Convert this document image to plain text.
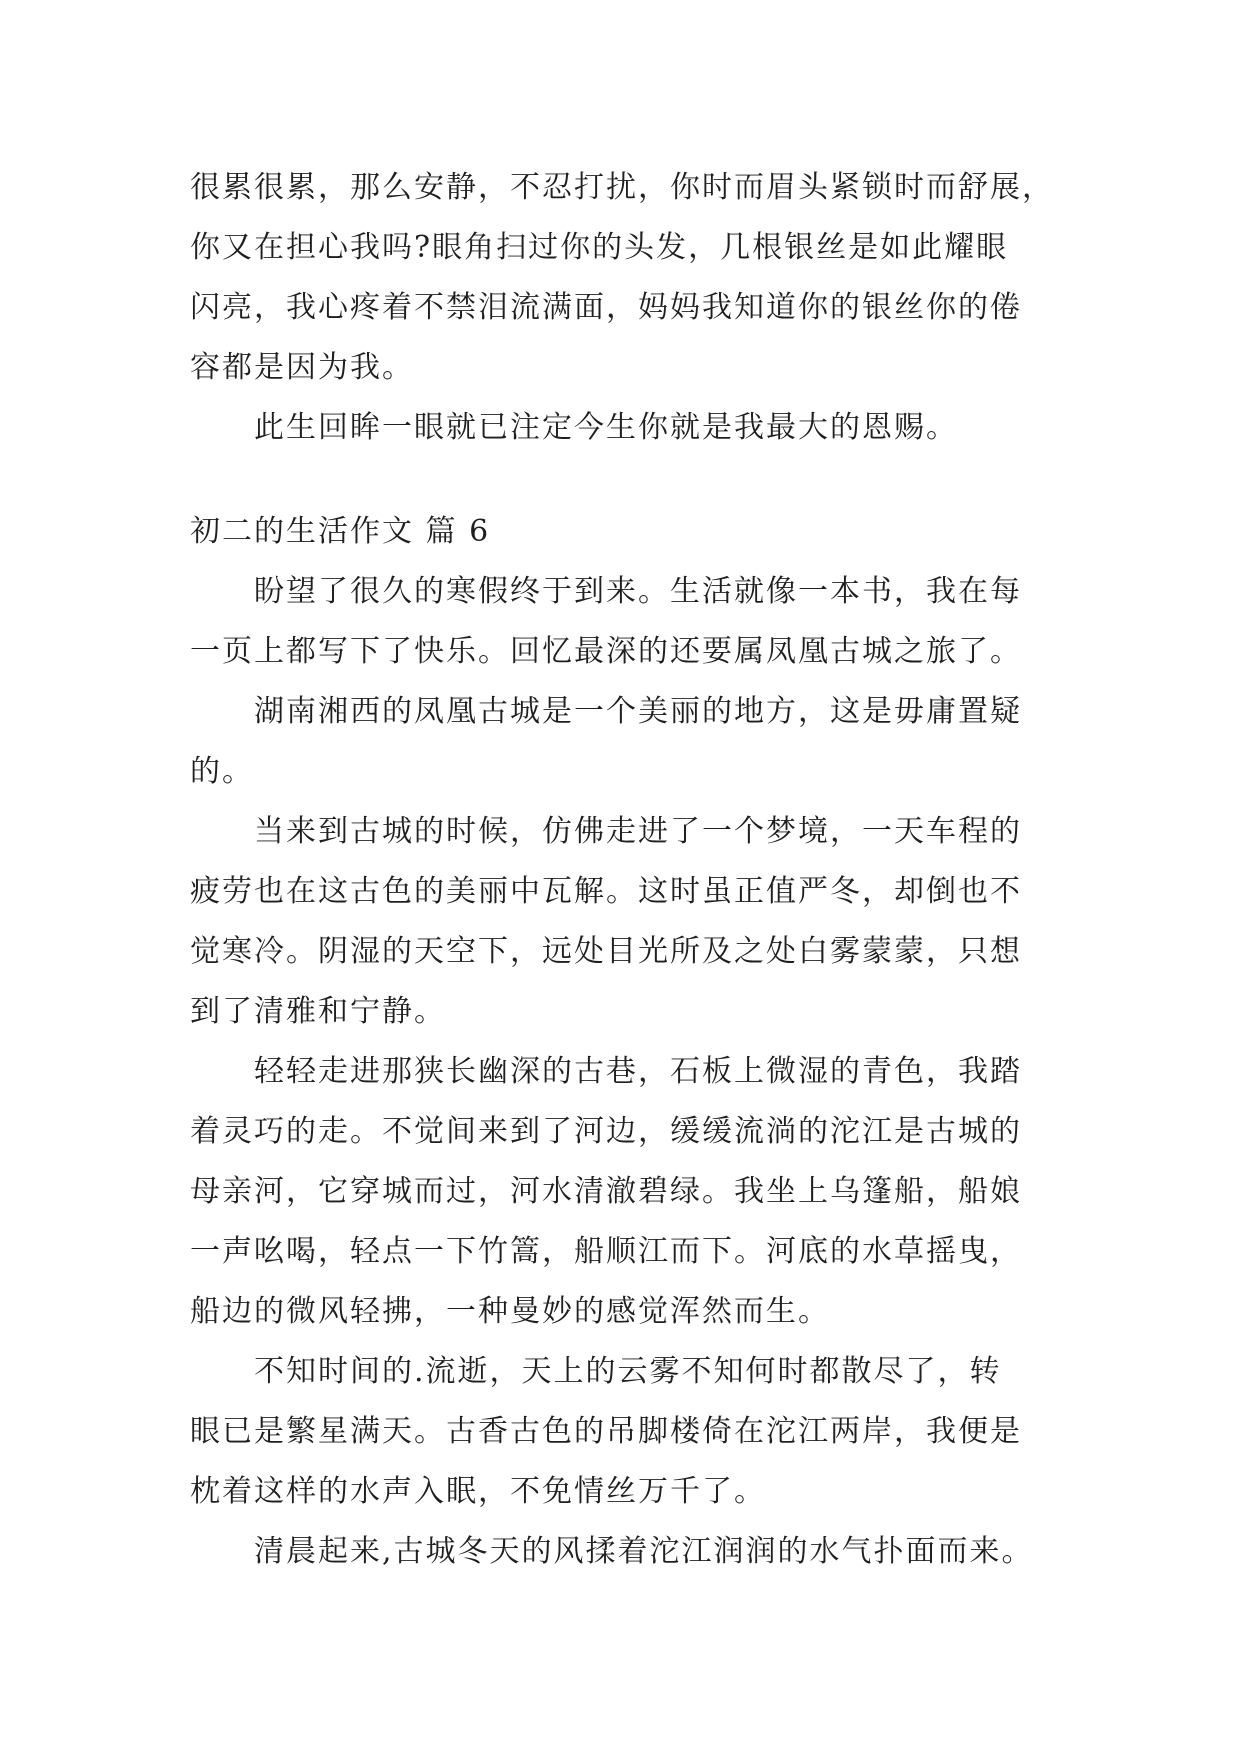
很累很累，那么安静，不忍打扰，你时而眉头紧锁时而舒展，
你又在担心我吗?眼角扫过你的头发，几根银丝是如此耀眼
闪亮，我心疼着不禁泪流满面，妈妈我知道你的银丝你的倦
容都是因为我。
此生回眸一眼就已注定今生你就是我最大的恩赐。
初二的生活作文 篇 6
盼望了很久的寒假终于到来。生活就像一本书，我在每
一页上都写下了快乐。回忆最深的还要属凤凰古城之旅了。
湖南湘西的凤凰古城是一个美丽的地方，这是毋庸置疑
的。
当来到古城的时候，仿佛走进了一个梦境，一天车程的
疲劳也在这古色的美丽中瓦解。这时虽正值严冬，却倒也不
觉寒冷。阴湿的天空下，远处目光所及之处白雾蒙蒙，只想
到了清雅和宁静。
轻轻走进那狭长幽深的古巷，石板上微湿的青色，我踏
着灵巧的走。不觉间来到了河边，缓缓流淌的沱江是古城的
母亲河，它穿城而过，河水清澈碧绿。我坐上乌篷船，船娘
一声吆喝，轻点一下竹篙，船顺江而下。河底的水草摇曳，
船边的微风轻拂，一种曼妙的感觉浑然而生。
不知时间的.流逝，天上的云雾不知何时都散尽了，转
眼已是繁星满天。古香古色的吊脚楼倚在沱江两岸，我便是
枕着这样的水声入眠，不免情丝万千了。
清晨起来,古城冬天的风揉着沱江润润的水气扑面而来。
